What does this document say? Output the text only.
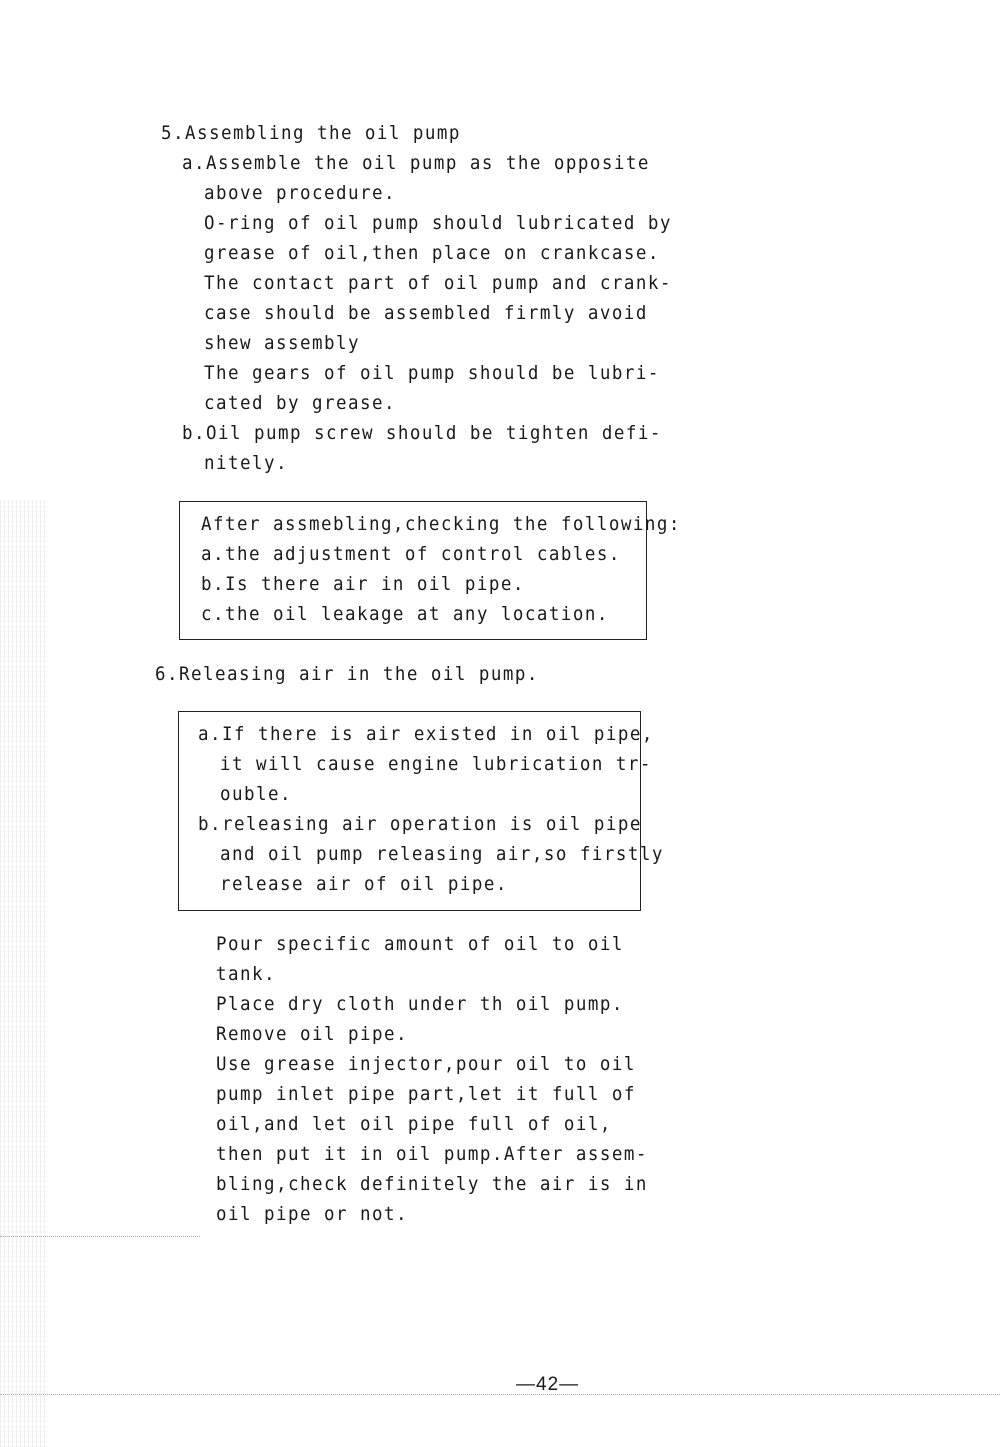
5.Assembling the oil pump
a.Assemble the oil pump as the opposite
above procedure.
O-ring of oil pump should lubricated by
grease of oil,then place on crankcase.
The contact part of oil pump and crank-
case should be assembled firmly avoid
shew assembly
The gears of oil pump should be lubri-
cated by grease.
b.Oil pump screw should be tighten defi-
nitely.
After assmebling,checking the following:
a.the adjustment of control cables.
b.Is there air in oil pipe.
c.the oil leakage at any location.
6.Releasing air in the oil pump.
a.If there is air existed in oil pipe,
it will cause engine lubrication tr-
ouble.
b.releasing air operation is oil pipe
and oil pump releasing air,so firstly
release air of oil pipe.
Pour specific amount of oil to oil
tank.
Place dry cloth under th oil pump.
Remove oil pipe.
Use grease injector,pour oil to oil
pump inlet pipe part,let it full of
oil,and let oil pipe full of oil,
then put it in oil pump.After assem-
bling,check definitely the air is in
oil pipe or not.
—42—
